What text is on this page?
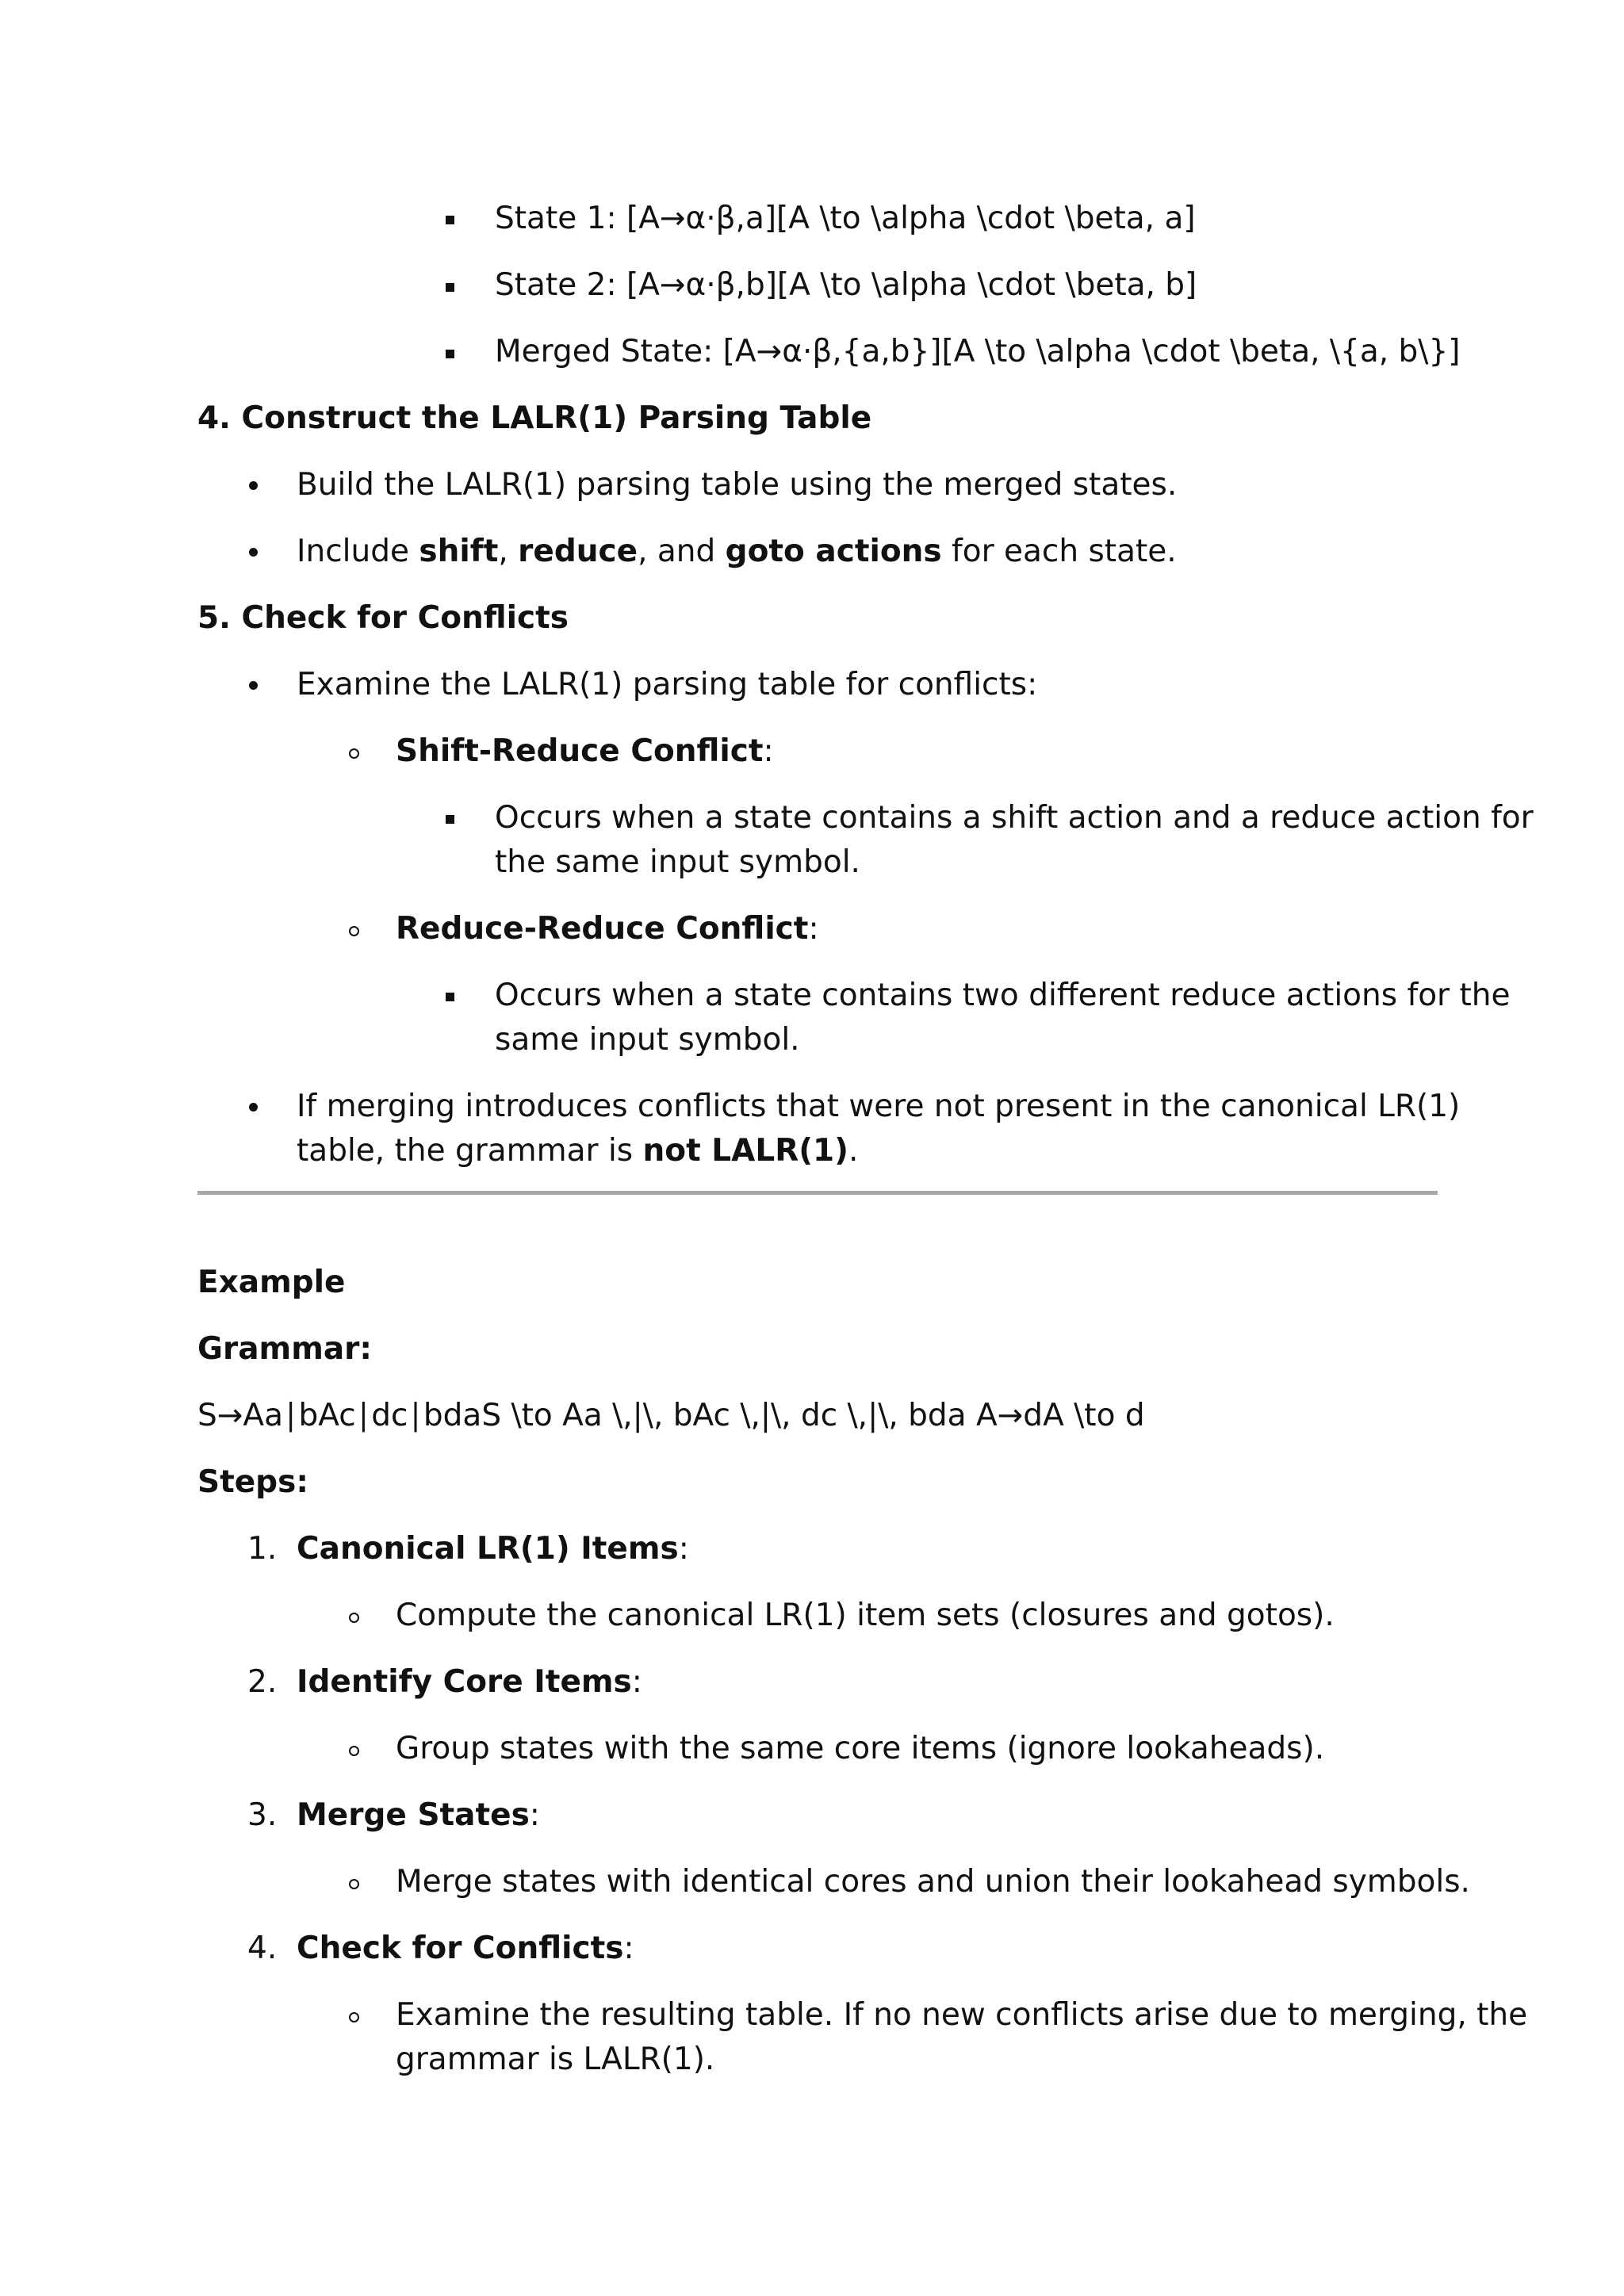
State 1: [A→α·β,a][A \to \alpha \cdot \beta, a]
State 2: [A→α·β,b][A \to \alpha \cdot \beta, b]
Merged State: [A→α·β,{a,b}][A \to \alpha \cdot \beta, \{a, b\}]
4. Construct the LALR(1) Parsing Table
Build the LALR(1) parsing table using the merged states.
Include shift, reduce, and goto actions for each state.
5. Check for Conflicts
Examine the LALR(1) parsing table for conflicts:
Shift-Reduce Conflict:
Occurs when a state contains a shift action and a reduce action for
the same input symbol.
Reduce-Reduce Conflict:
Occurs when a state contains two different reduce actions for the
same input symbol.
If merging introduces conflicts that were not present in the canonical LR(1)
table, the grammar is not LALR(1).
Example
Grammar:
S→Aa∣bAc∣dc∣bdaS \to Aa \,|\, bAc \,|\, dc \,|\, bda A→dA \to d
Steps:
1. Canonical LR(1) Items:
Compute the canonical LR(1) item sets (closures and gotos).
2. Identify Core Items:
Group states with the same core items (ignore lookaheads).
3. Merge States:
Merge states with identical cores and union their lookahead symbols.
4. Check for Conflicts:
Examine the resulting table. If no new conflicts arise due to merging, the
grammar is LALR(1).
